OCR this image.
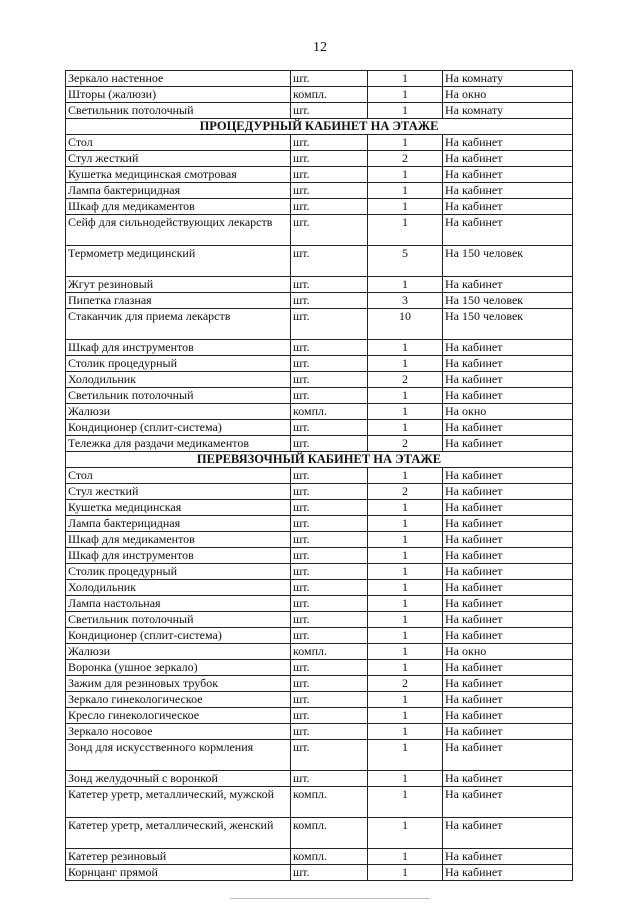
12
Зеркало настенное	шт.	1	На комнату
Шторы (жалюзи)	компл.	1	На окно
Светильник потолочный	шт.	1	На комнату
ПРОЦЕДУРНЫЙ КАБИНЕТ НА ЭТАЖЕ			
Стол	шт.	1	На кабинет
Стул жесткий	шт.	2	На кабинет
Кушетка медицинская смотровая	шт.	1	На кабинет
Лампа бактерицидная	шт.	1	На кабинет
Шкаф для медикаментов	шт.	1	На кабинет
Сейф для сильнодействующих лекарств	шт.	1	На кабинет
Термометр медицинский	шт.	5	На 150 человек
Жгут резиновый	шт.	1	На кабинет
Пипетка глазная	шт.	3	На 150 человек
Стаканчик для приема лекарств	шт.	10	На 150 человек
Шкаф для инструментов	шт.	1	На кабинет
Столик процедурный	шт.	1	На кабинет
Холодильник	шт.	2	На кабинет
Светильник потолочный	шт.	1	На кабинет
Жалюзи	компл.	1	На окно
Кондиционер (сплит-система)	шт.	1	На кабинет
Тележка для раздачи медикаментов	шт.	2	На кабинет
ПЕРЕВЯЗОЧНЫЙ КАБИНЕТ НА ЭТАЖЕ			
Стол	шт.	1	На кабинет
Стул жесткий	шт.	2	На кабинет
Кушетка медицинская	шт.	1	На кабинет
Лампа бактерицидная	шт.	1	На кабинет
Шкаф для медикаментов	шт.	1	На кабинет
Шкаф для инструментов	шт.	1	На кабинет
Столик процедурный	шт.	1	На кабинет
Холодильник	шт.	1	На кабинет
Лампа настольная	шт.	1	На кабинет
Светильник потолочный	шт.	1	На кабинет
Кондиционер (сплит-система)	шт.	1	На кабинет
Жалюзи	компл.	1	На окно
Воронка (ушное зеркало)	шт.	1	На кабинет
Зажим для резиновых трубок	шт.	2	На кабинет
Зеркало гинекологическое	шт.	1	На кабинет
Кресло гинекологическое	шт.	1	На кабинет
Зеркало носовое	шт.	1	На кабинет
Зонд для искусственного кормления	шт.	1	На кабинет
Зонд желудочный с воронкой	шт.	1	На кабинет
Катетер уретр, металлический, мужской	компл.	1	На кабинет
Катетер уретр, металлический, женский	компл.	1	На кабинет
Катетер резиновый	компл.	1	На кабинет
Корнцанг прямой	шт.	1	На кабинет
